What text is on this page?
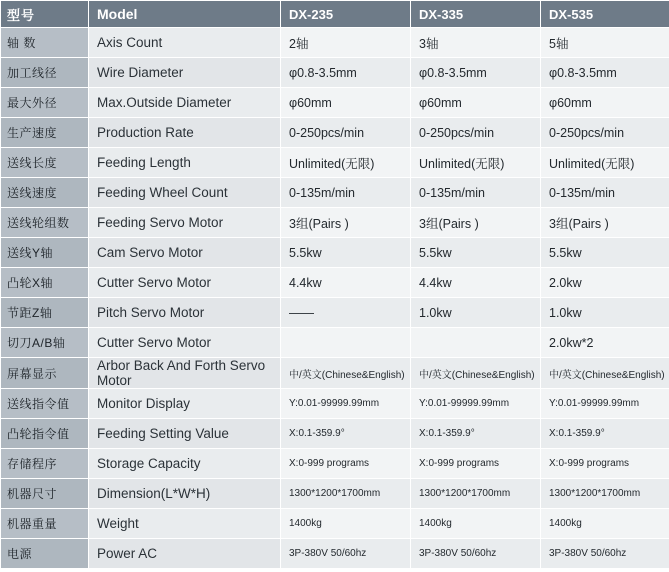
型号	Model	DX-235	DX-335	DX-535
轴 数	Axis Count	2轴	3轴	5轴
加工线径	Wire Diameter	φ0.8-3.5mm	φ0.8-3.5mm	φ0.8-3.5mm
最大外径	Max.Outside Diameter	φ60mm	φ60mm	φ60mm
生产速度	Production Rate	0-250pcs/min	0-250pcs/min	0-250pcs/min
送线长度	Feeding Length	Unlimited(无限)	Unlimited(无限)	Unlimited(无限)
送线速度	Feeding Wheel Count	0-135m/min	0-135m/min	0-135m/min
送线轮组数	Feeding Servo Motor	3组(Pairs )	3组(Pairs )	3组(Pairs )
送线Y轴	Cam Servo Motor	5.5kw	5.5kw	5.5kw
凸轮X轴	Cutter Servo Motor	4.4kw	4.4kw	2.0kw
节距Z轴	Pitch Servo Motor	——	1.0kw	1.0kw
切刀A/B轴	Cutter Servo Motor			2.0kw*2
屏幕显示	Arbor Back And Forth Servo Motor	中/英文(Chinese&English)	中/英文(Chinese&English)	中/英文(Chinese&English)
送线指令值	Monitor Display	Y:0.01-99999.99mm	Y:0.01-99999.99mm	Y:0.01-99999.99mm
凸轮指令值	Feeding Setting Value	X:0.1-359.9°	X:0.1-359.9°	X:0.1-359.9°
存储程序	Storage Capacity	X:0-999 programs	X:0-999 programs	X:0-999 programs
机器尺寸	Dimension(L*W*H)	1300*1200*1700mm	1300*1200*1700mm	1300*1200*1700mm
机器重量	Weight	1400kg	1400kg	1400kg
电源	Power AC	3P-380V 50/60hz	3P-380V 50/60hz	3P-380V 50/60hz
